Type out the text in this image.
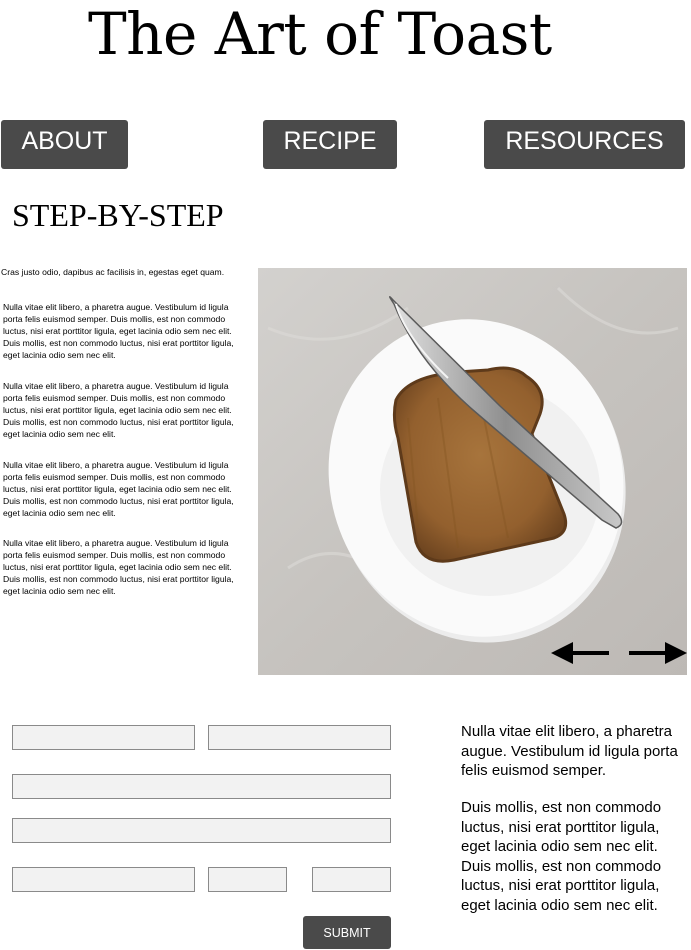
The Art of Toast
ABOUT	RECIPE	RESOURCES
STEP-BY-STEP

Cras justo odio, dapibus ac facilisis in, egestas eget quam.

Nulla vitae elit libero, a pharetra augue. Vestibulum id ligula porta felis euismod semper. Duis mollis, est non commodo luctus, nisi erat porttitor ligula, eget lacinia odio sem nec elit. Duis mollis, est non commodo luctus, nisi erat porttitor ligula, eget lacinia odio sem nec elit.

Nulla vitae elit libero, a pharetra augue. Vestibulum id ligula porta felis euismod semper. Duis mollis, est non commodo luctus, nisi erat porttitor ligula, eget lacinia odio sem nec elit. Duis mollis, est non commodo luctus, nisi erat porttitor ligula, eget lacinia odio sem nec elit.

Nulla vitae elit libero, a pharetra augue. Vestibulum id ligula porta felis euismod semper. Duis mollis, est non commodo luctus, nisi erat porttitor ligula, eget lacinia odio sem nec elit. Duis mollis, est non commodo luctus, nisi erat porttitor ligula, eget lacinia odio sem nec elit.

Nulla vitae elit libero, a pharetra augue. Vestibulum id ligula porta felis euismod semper. Duis mollis, est non commodo luctus, nisi erat porttitor ligula, eget lacinia odio sem nec elit. Duis mollis, est non commodo luctus, nisi erat porttitor ligula, eget lacinia odio sem nec elit.

SUBMIT

Nulla vitae elit libero, a pharetra augue. Vestibulum id ligula porta felis euismod semper.

Duis mollis, est non commodo luctus, nisi erat porttitor ligula, eget lacinia odio sem nec elit. Duis mollis, est non commodo luctus, nisi erat porttitor ligula, eget lacinia odio sem nec elit.
